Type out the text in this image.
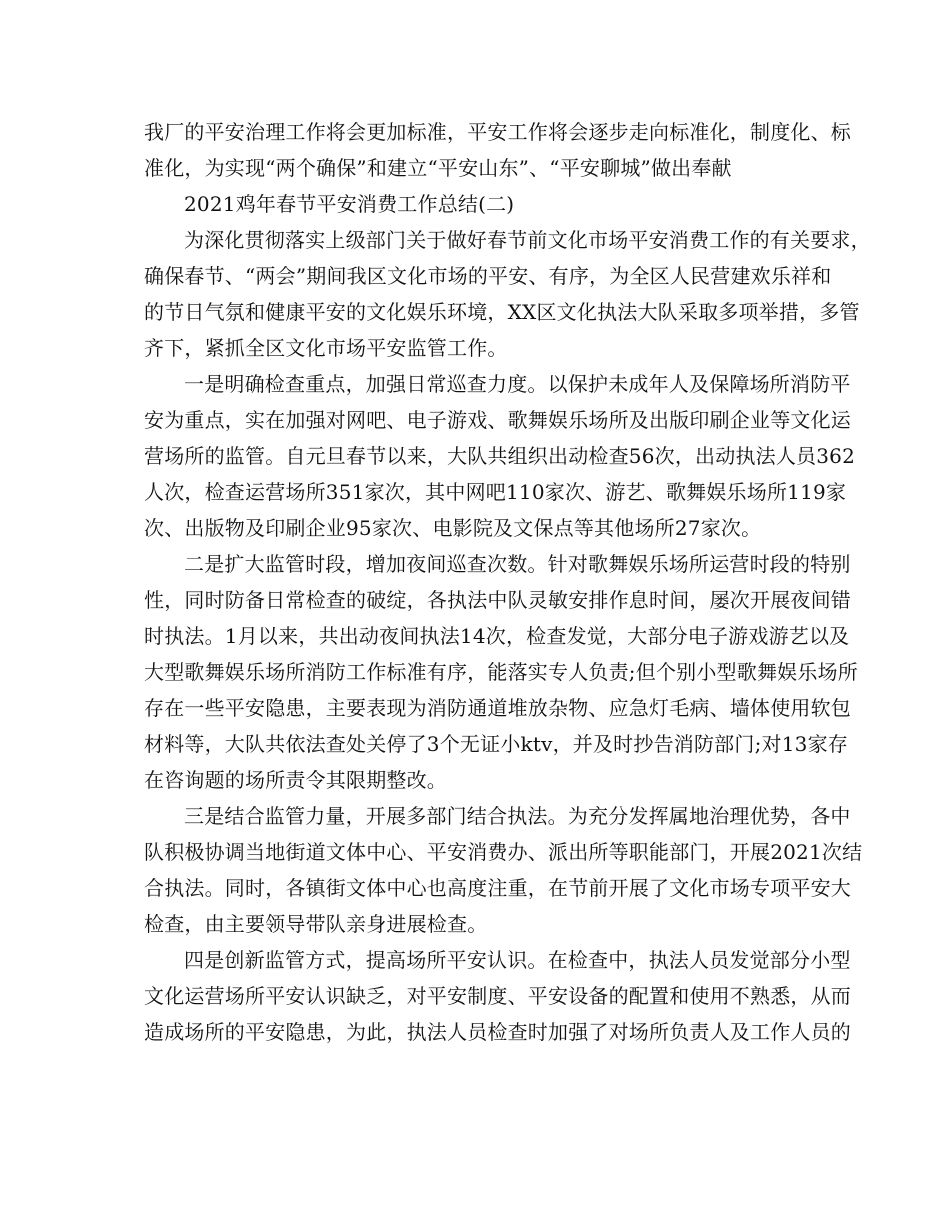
我厂的平安治理工作将会更加标准，平安工作将会逐步走向标准化，制度化、标
准化，为实现“两个确保”和建立“平安山东”、“平安聊城”做出奉献
2021鸡年春节平安消费工作总结(二)
为深化贯彻落实上级部门关于做好春节前文化市场平安消费工作的有关要求，
确保春节、“两会”期间我区文化市场的平安、有序，为全区人民营建欢乐祥和
的节日气氛和健康平安的文化娱乐环境，XX区文化执法大队采取多项举措，多管
齐下，紧抓全区文化市场平安监管工作。
一是明确检查重点，加强日常巡查力度。以保护未成年人及保障场所消防平
安为重点，实在加强对网吧、电子游戏、歌舞娱乐场所及出版印刷企业等文化运
营场所的监管。自元旦春节以来，大队共组织出动检查56次，出动执法人员362
人次，检查运营场所351家次，其中网吧110家次、游艺、歌舞娱乐场所119家
次、出版物及印刷企业95家次、电影院及文保点等其他场所27家次。
二是扩大监管时段，增加夜间巡查次数。针对歌舞娱乐场所运营时段的特别
性，同时防备日常检查的破绽，各执法中队灵敏安排作息时间，屡次开展夜间错
时执法。1月以来，共出动夜间执法14次，检查发觉，大部分电子游戏游艺以及
大型歌舞娱乐场所消防工作标准有序，能落实专人负责;但个别小型歌舞娱乐场所
存在一些平安隐患，主要表现为消防通道堆放杂物、应急灯毛病、墙体使用软包
材料等，大队共依法查处关停了3个无证小ktv，并及时抄告消防部门;对13家存
在咨询题的场所责令其限期整改。
三是结合监管力量，开展多部门结合执法。为充分发挥属地治理优势，各中
队积极协调当地街道文体中心、平安消费办、派出所等职能部门，开展2021次结
合执法。同时，各镇街文体中心也高度注重，在节前开展了文化市场专项平安大
检查，由主要领导带队亲身进展检查。
四是创新监管方式，提高场所平安认识。在检查中，执法人员发觉部分小型
文化运营场所平安认识缺乏，对平安制度、平安设备的配置和使用不熟悉，从而
造成场所的平安隐患，为此，执法人员检查时加强了对场所负责人及工作人员的
